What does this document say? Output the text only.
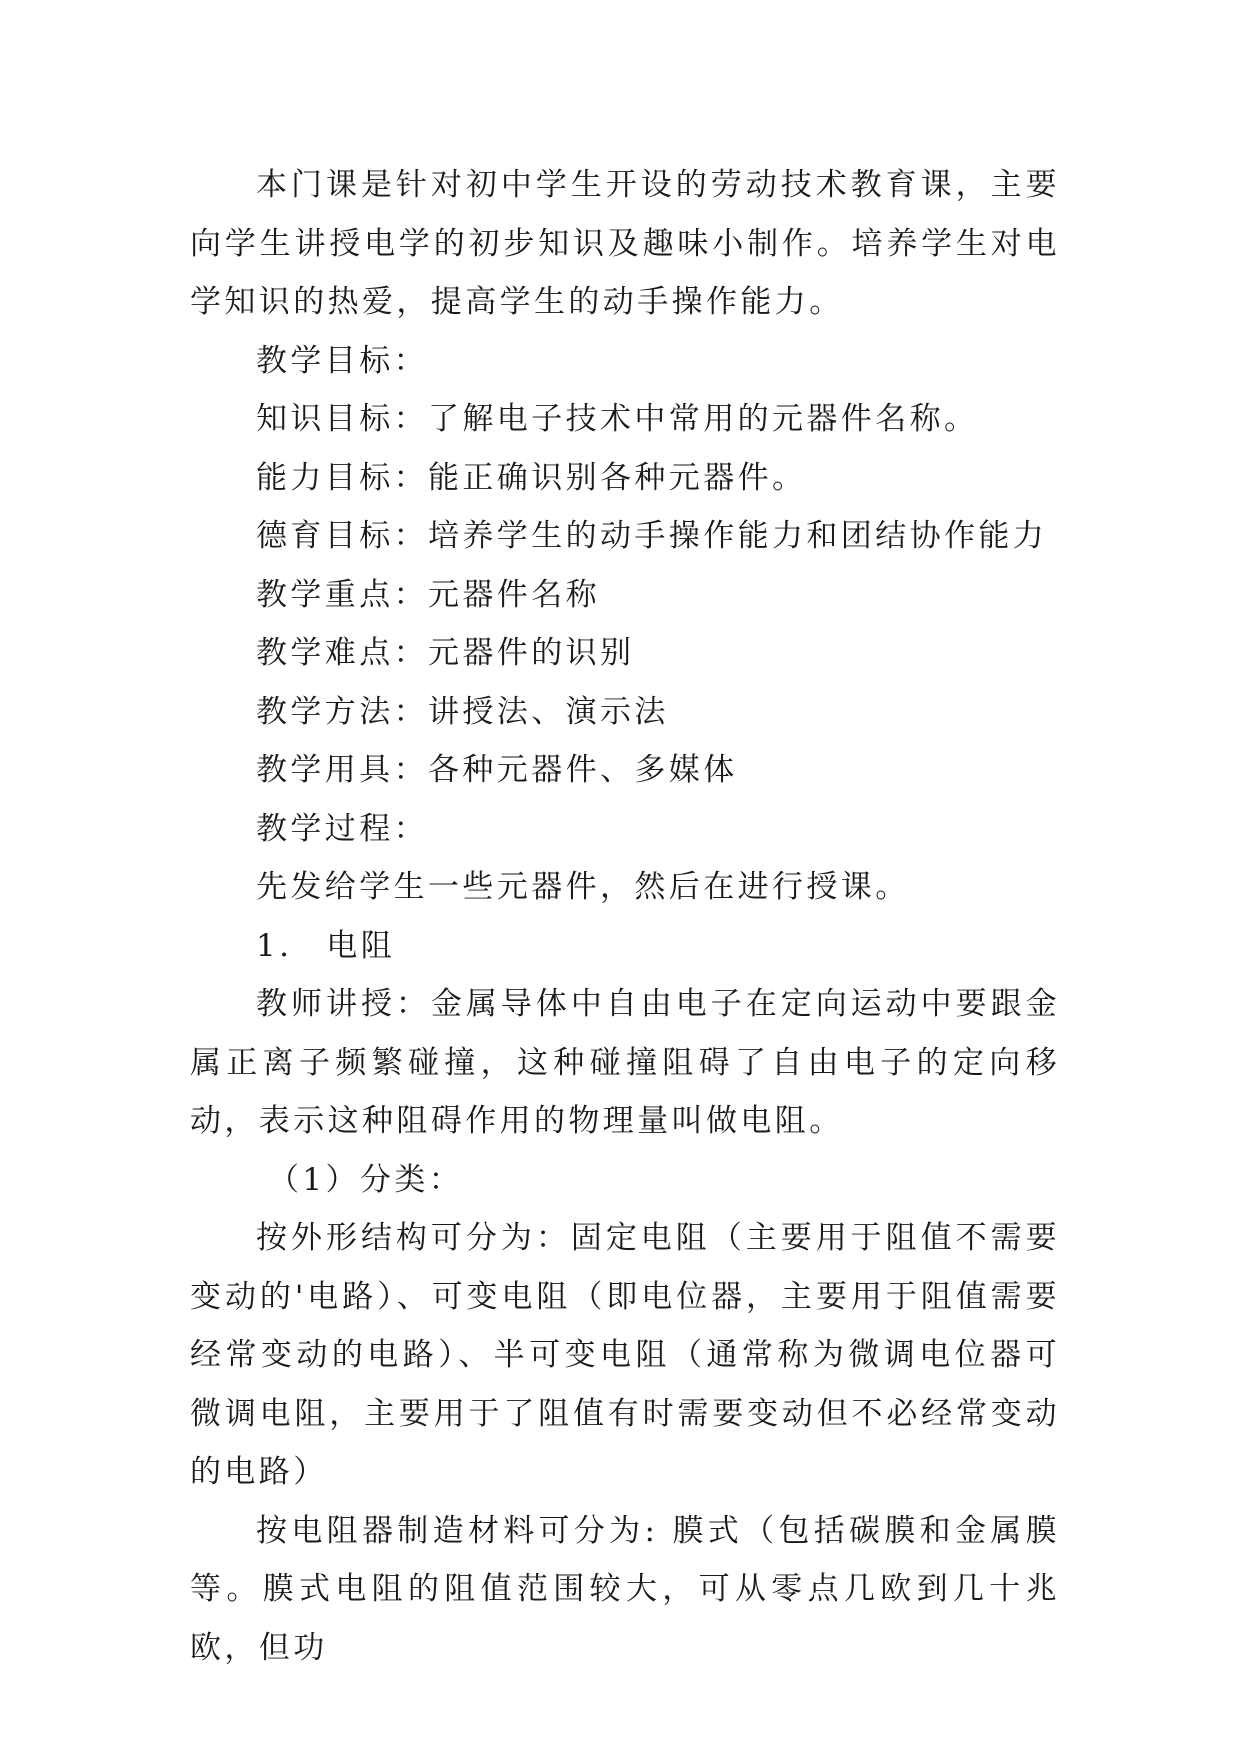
本门课是针对初中学生开设的劳动技术教育课，主要向学生讲授电学的初步知识及趣味小制作。培养学生对电学知识的热爱，提高学生的动手操作能力。

教学目标：

知识目标：了解电子技术中常用的元器件名称。

能力目标：能正确识别各种元器件。

德育目标：培养学生的动手操作能力和团结协作能力

教学重点：元器件名称

教学难点：元器件的识别

教学方法：讲授法、演示法

教学用具：各种元器件、多媒体

教学过程：

先发给学生一些元器件，然后在进行授课。

1. 电阻

教师讲授：金属导体中自由电子在定向运动中要跟金属正离子频繁碰撞，这种碰撞阻碍了自由电子的定向移动，表示这种阻碍作用的物理量叫做电阻。

（1）分类：

按外形结构可分为：固定电阻（主要用于阻值不需要变动的'电路）、可变电阻（即电位器，主要用于阻值需要经常变动的电路）、半可变电阻（通常称为微调电位器可微调电阻，主要用于了阻值有时需要变动但不必经常变动的电路）

按电阻器制造材料可分为: 膜式（包括碳膜和金属膜等。膜式电阻的阻值范围较大，可从零点几欧到几十兆欧，但功
